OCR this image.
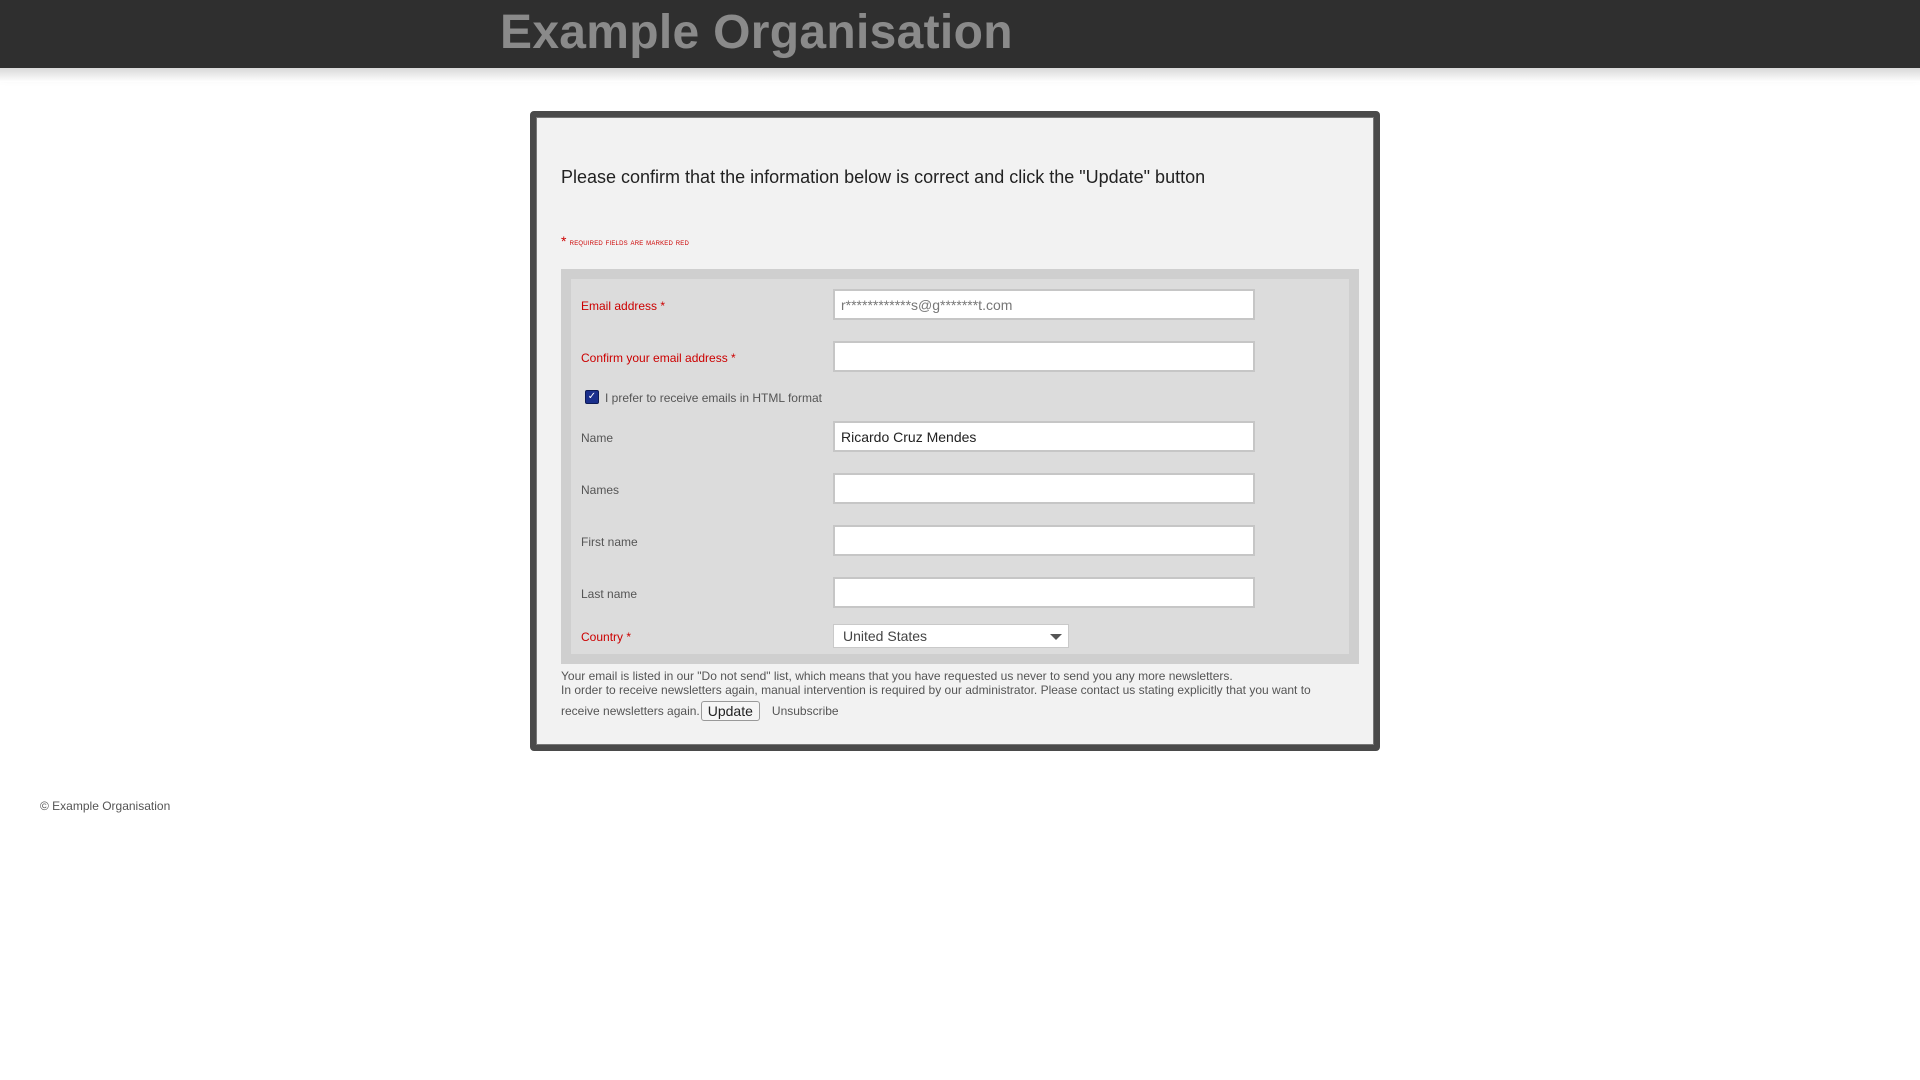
Example Organisation
Please confirm that the information below is correct and click the "Update" button
* required fields are marked red
Email address *
r************s@g*******t.com
Confirm your email address *
✓ I prefer to receive emails in HTML format
Name
Ricardo Cruz Mendes
Names
First name
Last name
Country *	United States
Your email is listed in our "Do not send" list, which means that you have requested us never to send you any more newsletters.
In order to receive newsletters again, manual intervention is required by our administrator. Please contact us stating explicitly that you want to
receive newsletters again. Update	Unsubscribe
© Example Organisation
